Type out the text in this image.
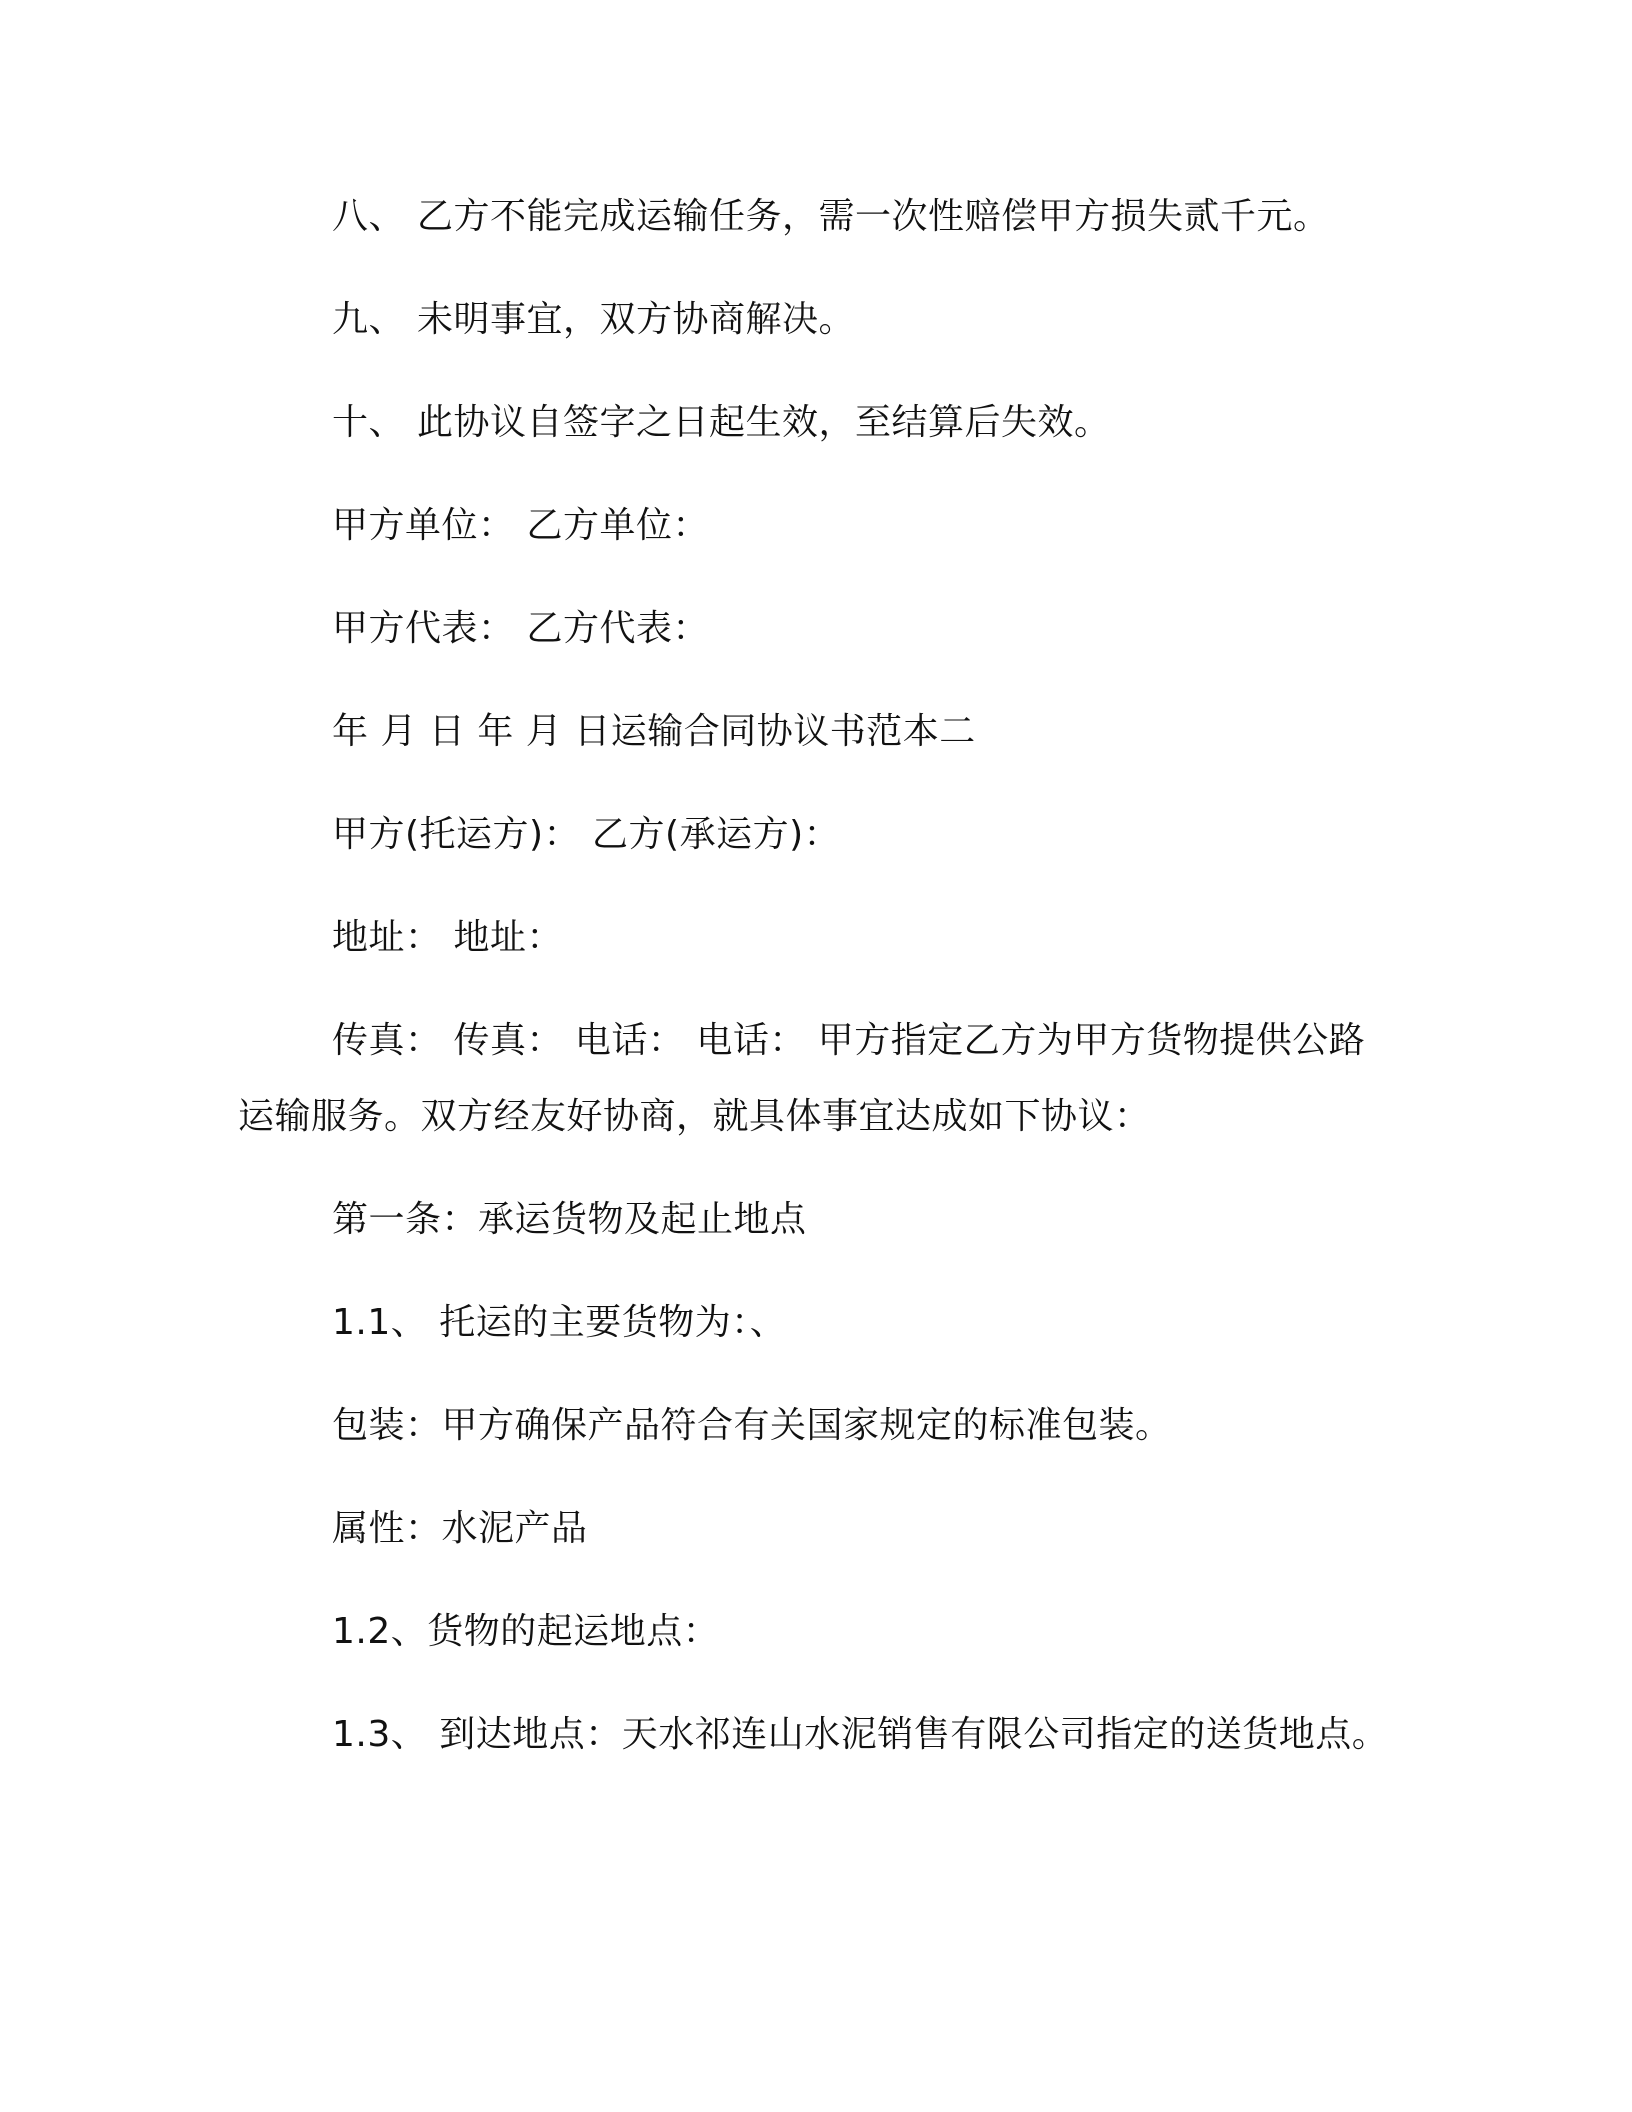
八、 乙方不能完成运输任务，需一次性赔偿甲方损失贰千元。
九、 未明事宜，双方协商解决。
十、 此协议自签字之日起生效，至结算后失效。
甲方单位： 乙方单位：
甲方代表： 乙方代表：
年 月 日 年 月 日运输合同协议书范本二
甲方(托运方)： 乙方(承运方)：
地址： 地址：
传真： 传真： 电话： 电话： 甲方指定乙方为甲方货物提供公路
运输服务。双方经友好协商，就具体事宜达成如下协议：
第一条：承运货物及起止地点
1.1、 托运的主要货物为：、
包装：甲方确保产品符合有关国家规定的标准包装。
属性：水泥产品
1.2、货物的起运地点：
1.3、 到达地点：天水祁连山水泥销售有限公司指定的送货地点。
